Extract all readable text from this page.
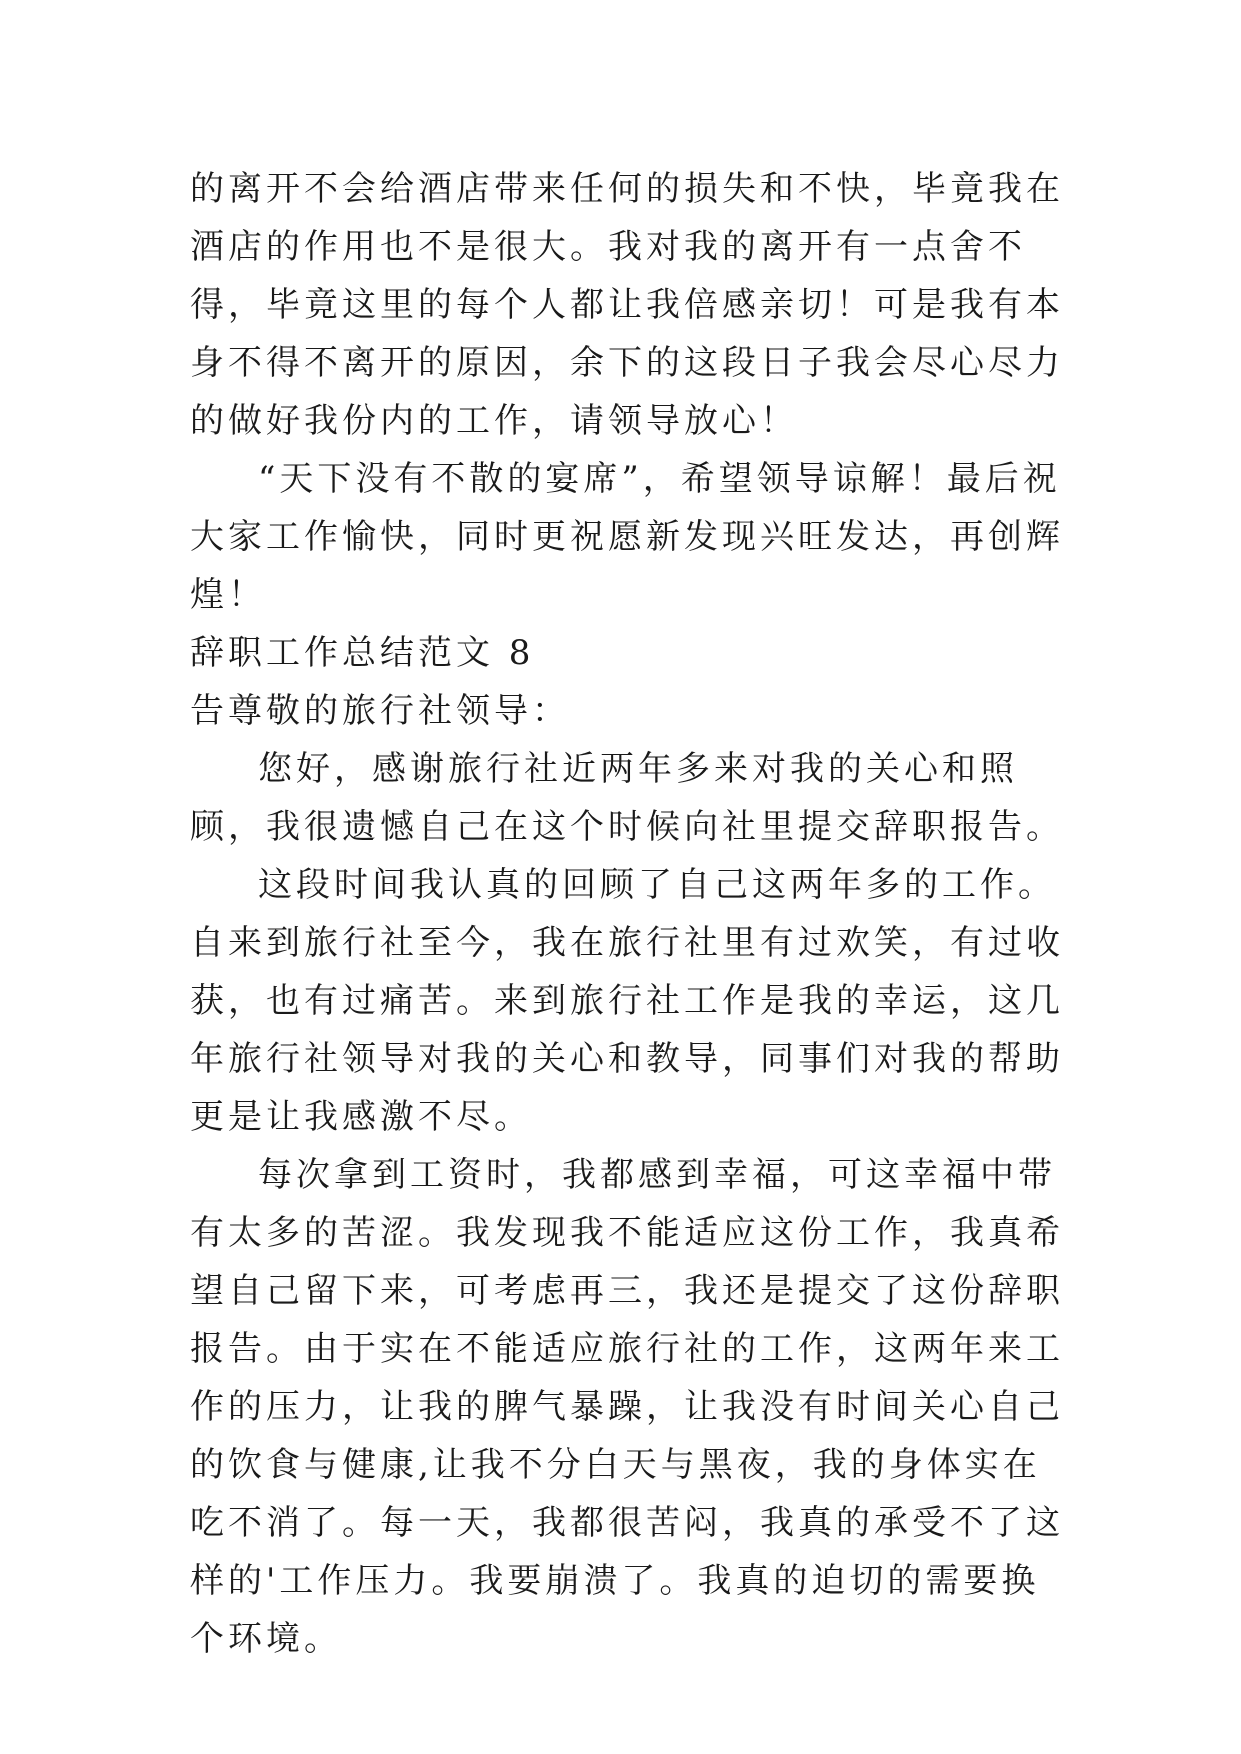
的离开不会给酒店带来任何的损失和不快，毕竟我在酒店的作用也不是很大。我对我的离开有一点舍不得，毕竟这里的每个人都让我倍感亲切！可是我有本身不得不离开的原因，余下的这段日子我会尽心尽力的做好我份内的工作，请领导放心！

“天下没有不散的宴席”，希望领导谅解！最后祝大家工作愉快，同时更祝愿新发现兴旺发达，再创辉煌！

辞职工作总结范文 8

告尊敬的旅行社领导：

您好，感谢旅行社近两年多来对我的关心和照顾，我很遗憾自己在这个时候向社里提交辞职报告。

这段时间我认真的回顾了自己这两年多的工作。自来到旅行社至今，我在旅行社里有过欢笑，有过收获，也有过痛苦。来到旅行社工作是我的幸运，这几年旅行社领导对我的关心和教导，同事们对我的帮助更是让我感激不尽。

每次拿到工资时，我都感到幸福，可这幸福中带有太多的苦涩。我发现我不能适应这份工作，我真希望自己留下来，可考虑再三，我还是提交了这份辞职报告。由于实在不能适应旅行社的工作，这两年来工作的压力，让我的脾气暴躁，让我没有时间关心自己的饮食与健康,让我不分白天与黑夜，我的身体实在吃不消了。每一天，我都很苦闷，我真的承受不了这样的'工作压力。我要崩溃了。我真的迫切的需要换个环境。
